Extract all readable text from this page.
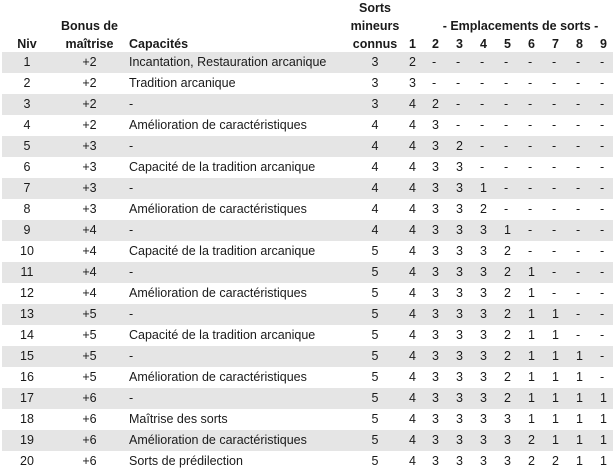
			Sorts									
	Bonus de		mineurs		- Emplacements de sorts -							
Niv	maîtrise	Capacités	connus	1	2	3	4	5	6	7	8	9
1	+2	Incantation, Restauration arcanique	3	2	-	-	-	-	-	-	-	-
2	+2	Tradition arcanique	3	3	-	-	-	-	-	-	-	-
3	+2	-	3	4	2	-	-	-	-	-	-	-
4	+2	Amélioration de caractéristiques	4	4	3	-	-	-	-	-	-	-
5	+3	-	4	4	3	2	-	-	-	-	-	-
6	+3	Capacité de la tradition arcanique	4	4	3	3	-	-	-	-	-	-
7	+3	-	4	4	3	3	1	-	-	-	-	-
8	+3	Amélioration de caractéristiques	4	4	3	3	2	-	-	-	-	-
9	+4	-	4	4	3	3	3	1	-	-	-	-
10	+4	Capacité de la tradition arcanique	5	4	3	3	3	2	-	-	-	-
11	+4	-	5	4	3	3	3	2	1	-	-	-
12	+4	Amélioration de caractéristiques	5	4	3	3	3	2	1	-	-	-
13	+5	-	5	4	3	3	3	2	1	1	-	-
14	+5	Capacité de la tradition arcanique	5	4	3	3	3	2	1	1	-	-
15	+5	-	5	4	3	3	3	2	1	1	1	-
16	+5	Amélioration de caractéristiques	5	4	3	3	3	2	1	1	1	-
17	+6	-	5	4	3	3	3	2	1	1	1	1
18	+6	Maîtrise des sorts	5	4	3	3	3	3	1	1	1	1
19	+6	Amélioration de caractéristiques	5	4	3	3	3	3	2	1	1	1
20	+6	Sorts de prédilection	5	4	3	3	3	3	2	2	1	1
